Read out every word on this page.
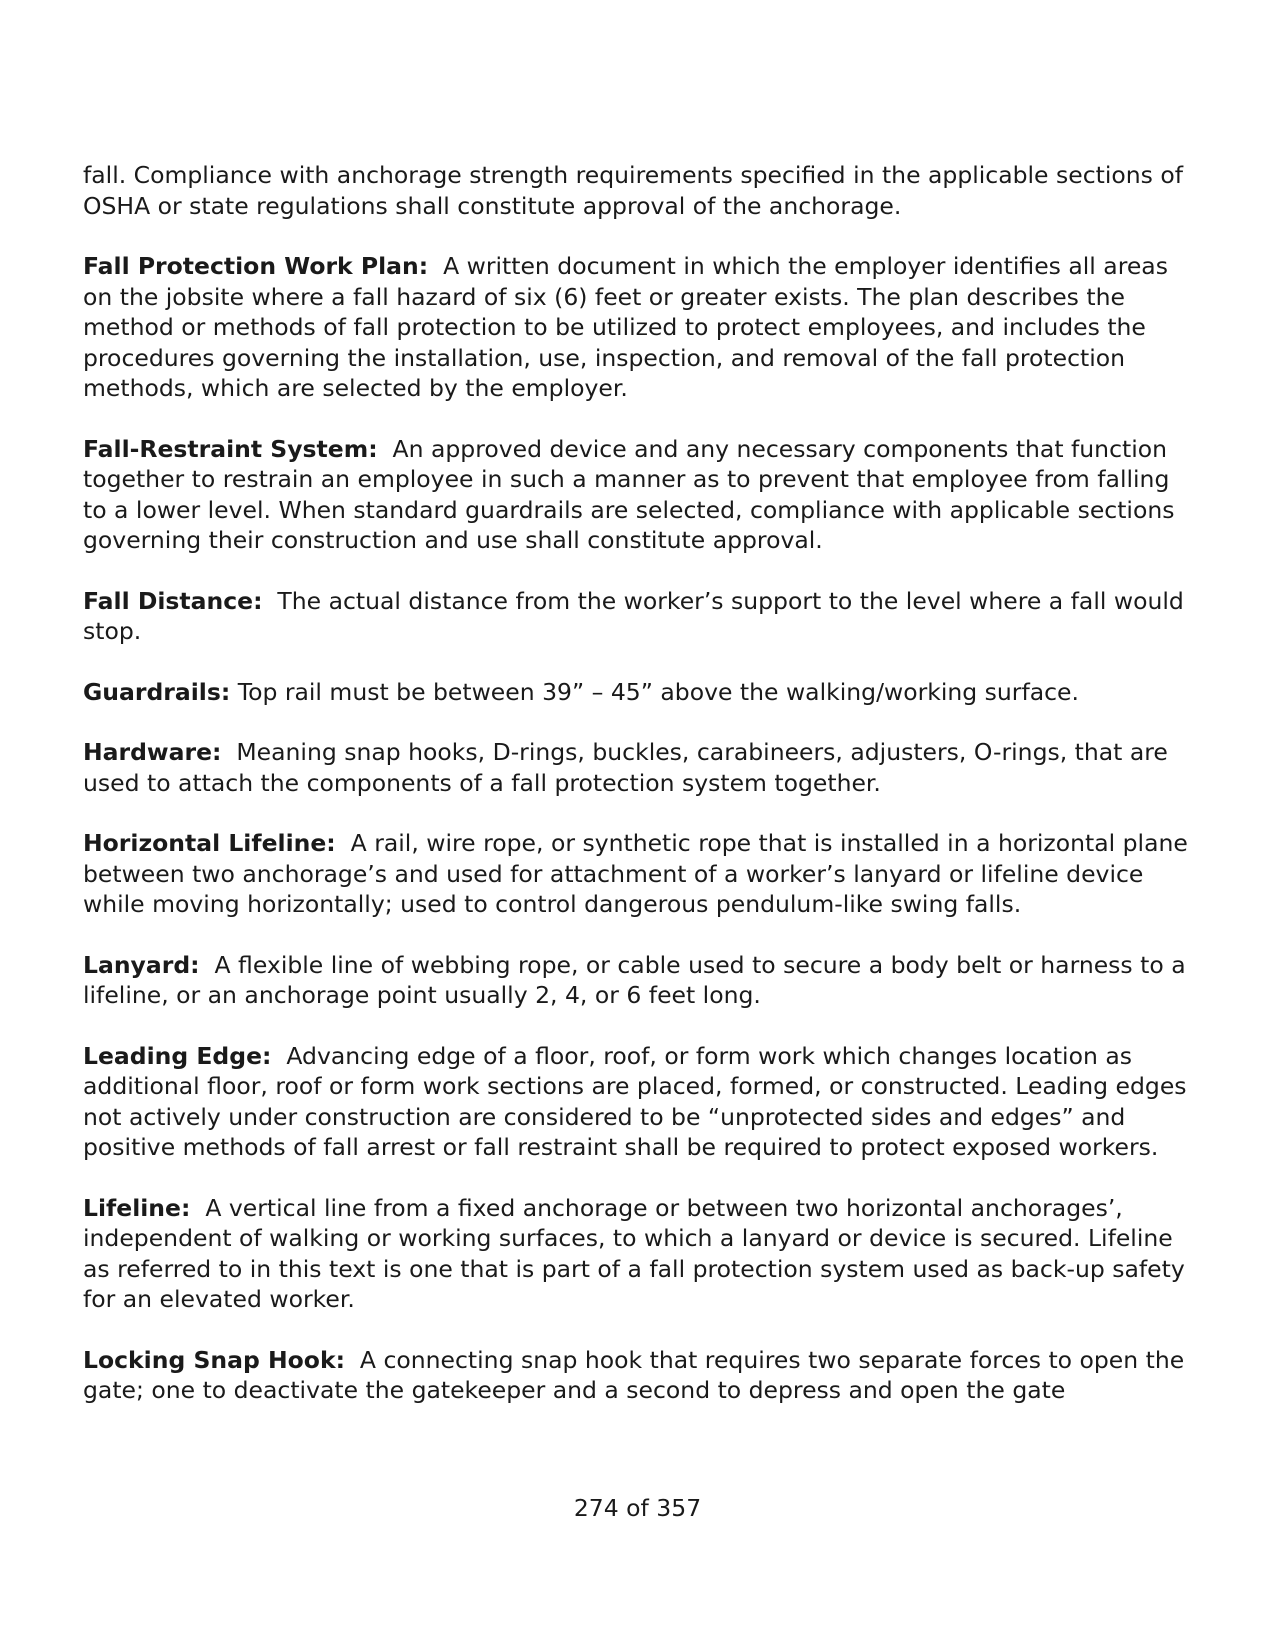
fall. Compliance with anchorage strength requirements specified in the applicable sections of OSHA or state regulations shall constitute approval of the anchorage.

Fall Protection Work Plan: A written document in which the employer identifies all areas on the jobsite where a fall hazard of six (6) feet or greater exists. The plan describes the method or methods of fall protection to be utilized to protect employees, and includes the procedures governing the installation, use, inspection, and removal of the fall protection methods, which are selected by the employer.

Fall-Restraint System: An approved device and any necessary components that function together to restrain an employee in such a manner as to prevent that employee from falling to a lower level. When standard guardrails are selected, compliance with applicable sections governing their construction and use shall constitute approval.

Fall Distance: The actual distance from the worker’s support to the level where a fall would stop.

Guardrails: Top rail must be between 39” – 45” above the walking/working surface.

Hardware: Meaning snap hooks, D-rings, buckles, carabineers, adjusters, O-rings, that are used to attach the components of a fall protection system together.

Horizontal Lifeline: A rail, wire rope, or synthetic rope that is installed in a horizontal plane between two anchorage’s and used for attachment of a worker’s lanyard or lifeline device while moving horizontally; used to control dangerous pendulum-like swing falls.

Lanyard: A flexible line of webbing rope, or cable used to secure a body belt or harness to a lifeline, or an anchorage point usually 2, 4, or 6 feet long.

Leading Edge: Advancing edge of a floor, roof, or form work which changes location as additional floor, roof or form work sections are placed, formed, or constructed. Leading edges not actively under construction are considered to be “unprotected sides and edges” and positive methods of fall arrest or fall restraint shall be required to protect exposed workers.

Lifeline: A vertical line from a fixed anchorage or between two horizontal anchorages’, independent of walking or working surfaces, to which a lanyard or device is secured. Lifeline as referred to in this text is one that is part of a fall protection system used as back-up safety for an elevated worker.

Locking Snap Hook: A connecting snap hook that requires two separate forces to open the gate; one to deactivate the gatekeeper and a second to depress and open the gate

274 of 357
